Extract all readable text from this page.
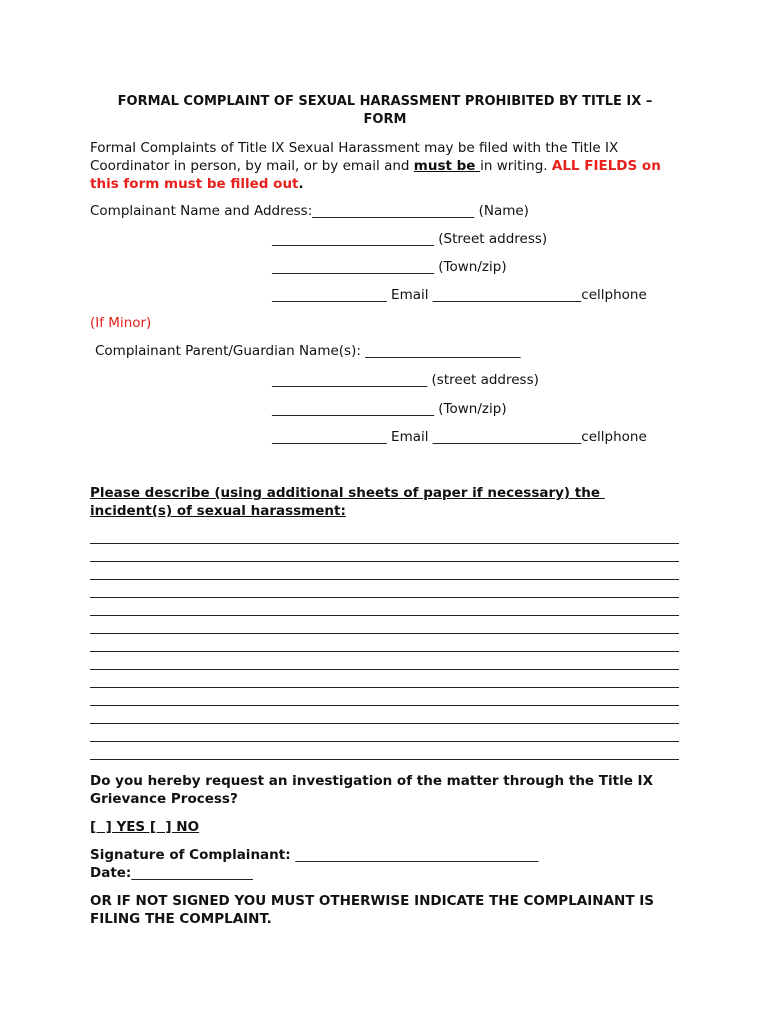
FORMAL COMPLAINT OF SEXUAL HARASSMENT PROHIBITED BY TITLE IX –
FORM
Formal Complaints of Title IX Sexual Harassment may be filed with the Title IX
Coordinator in person, by mail, or by email and must be in writing. ALL FIELDS on
this form must be filled out.
Complainant Name and Address:________________________ (Name)
________________________ (Street address)
________________________ (Town/zip)
_________________ Email ______________________cellphone
(If Minor)
Complainant Parent/Guardian Name(s): _______________________
_______________________ (street address)
________________________ (Town/zip)
_________________ Email ______________________cellphone
Please describe (using additional sheets of paper if necessary) the
incident(s) of sexual harassment:
Do you hereby request an investigation of the matter through the Title IX
Grievance Process?
[  ] YES [  ] NO
Signature of Complainant: ____________________________________
Date:__________________
OR IF NOT SIGNED YOU MUST OTHERWISE INDICATE THE COMPLAINANT IS
FILING THE COMPLAINT.
